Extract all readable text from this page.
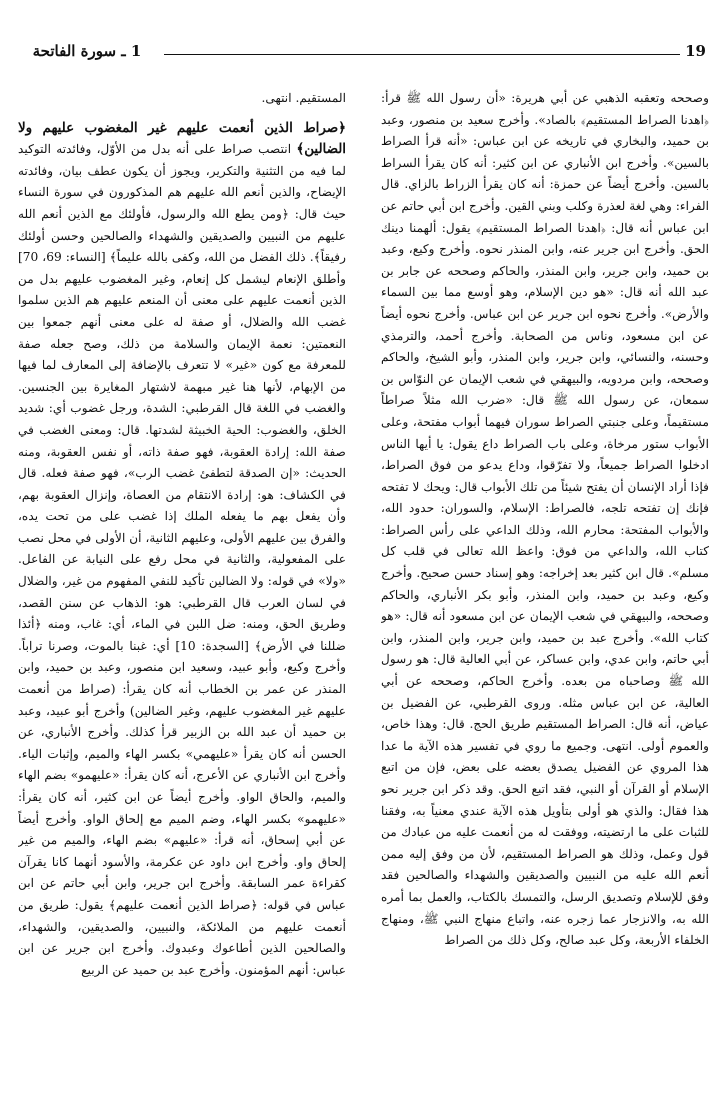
19
1 ـ سورة الفاتحة

وصححه وتعقبه الذهبي عن أبي هريرة: «أن رسول الله ﷺ قرأ: ﴿اهدنا الصراط المستقيم﴾ بالصاد». وأخرج سعيد بن منصور، وعبد بن حميد، والبخاري في تاريخه عن ابن عباس: «أنه قرأ الصراط بالسين». وأخرج ابن الأنباري عن ابن كثير: أنه كان يقرأ السراط بالسين. وأخرج أيضاً عن حمزة: أنه كان يقرأ الزراط بالزاي. قال الفراء: وهي لغة لعذرة وكلب وبني القين. وأخرج ابن أبي حاتم عن ابن عباس أنه قال: ﴿اهدنا الصراط المستقيم﴾ يقول: ألهمنا دينك الحق. وأخرج ابن جرير عنه، وابن المنذر نحوه. وأخرج وكيع، وعبد بن حميد، وابن جرير، وابن المنذر، والحاكم وصححه عن جابر بن عبد الله أنه قال: «هو دين الإسلام، وهو أوسع مما بين السماء والأرض». وأخرج نحوه ابن جرير عن ابن عباس. وأخرج نحوه أيضاً عن ابن مسعود، وناس من الصحابة. وأخرج أحمد، والترمذي وحسنه، والنسائي، وابن جرير، وابن المنذر، وأبو الشيخ، والحاكم وصححه، وابن مردويه، والبيهقي في شعب الإيمان عن النوّاس بن سمعان، عن رسول الله ﷺ قال: «ضرب الله مثلاً صراطاً مستقيماً، وعلى جنبتي الصراط سوران فيهما أبواب مفتحة، وعلى الأبواب ستور مرخاة، وعلى باب الصراط داع يقول: يا أيها الناس ادخلوا الصراط جميعاً، ولا تفرّقوا، وداع يدعو من فوق الصراط، فإذا أراد الإنسان أن يفتح شيئاً من تلك الأبواب قال: ويحك لا تفتحه فإنك إن تفتحه تلجه، فالصراط: الإسلام، والسوران: حدود الله، والأبواب المفتحة: محارم الله، وذلك الداعي على رأس الصراط: كتاب الله، والداعي من فوق: واعظ الله تعالى في قلب كل مسلم». قال ابن كثير بعد إخراجه: وهو إسناد حسن صحيح. وأخرج وكيع، وعبد بن حميد، وابن المنذر، وأبو بكر الأنباري، والحاكم وصححه، والبيهقي في شعب الإيمان عن ابن مسعود أنه قال: «هو كتاب الله». وأخرج عبد بن حميد، وابن جرير، وابن المنذر، وابن أبي حاتم، وابن عدي، وابن عساكر، عن أبي العالية قال: هو رسول الله ﷺ وصاحباه من بعده. وأخرج الحاكم، وصححه عن أبي العالية، عن ابن عباس مثله. وروى القرطبي، عن الفضيل بن عياض، أنه قال: الصراط المستقيم طريق الحج. قال: وهذا خاص، والعموم أولى. انتهى. وجميع ما روي في تفسير هذه الآية ما عدا هذا المروي عن الفضيل يصدق بعضه على بعض، فإن من اتبع الإسلام أو القرآن أو النبي، فقد اتبع الحق. وقد ذكر ابن جرير نحو هذا فقال: والذي هو أولى بتأويل هذه الآية عندي معنياً به، وفقنا للثبات على ما ارتضيته، ووفقت له من أنعمت عليه من عبادك من قول وعمل، وذلك هو الصراط المستقيم، لأن من وفق إليه ممن أنعم الله عليه من النبيين والصديقين والشهداء والصالحين فقد وفق للإسلام وتصديق الرسل، والتمسك بالكتاب، والعمل بما أمره الله به، والانزجار عما زجره عنه، واتباع منهاج النبي ﷺ، ومنهاج الخلفاء الأربعة، وكل عبد صالح، وكل ذلك من الصراط

المستقيم. انتهى.

﴿صراط الذين أنعمت عليهم غير المغضوب عليهم ولا الضالين﴾ انتصب صراط على أنه بدل من الأوّل، وفائدته التوكيد لما فيه من التثنية والتكرير، ويجوز أن يكون عطف بيان، وفائدته الإيضاح، والذين أنعم الله عليهم هم المذكورون في سورة النساء حيث قال: ﴿ومن يطع الله والرسول، فأولئك مع الذين أنعم الله عليهم من النبيين والصديقين والشهداء والصالحين وحسن أولئك رفيقاً﴾. ذلك الفضل من الله، وكفى بالله عليماً﴾ [النساء: 69، 70] وأطلق الإنعام ليشمل كل إنعام، وغير المغضوب عليهم بدل من الذين أنعمت عليهم على معنى أن المنعم عليهم هم الذين سلموا غضب الله والضلال، أو صفة له على معنى أنهم جمعوا بين النعمتين: نعمة الإيمان والسلامة من ذلك، وصح جعله صفة للمعرفة مع كون «غير» لا تتعرف بالإضافة إلى المعارف لما فيها من الإبهام، لأنها هنا غير مبهمة لاشتهار المغايرة بين الجنسين. والغضب في اللغة قال القرطبي: الشدة، ورجل غضوب أي: شديد الخلق، والغضوب: الحية الخبيثة لشدتها. قال: ومعنى الغضب في صفة الله: إرادة العقوبة، فهو صفة ذاته، أو نفس العقوبة، ومنه الحديث: «إن الصدقة لتطفئ غضب الرب»، فهو صفة فعله. قال في الكشاف: هو: إرادة الانتقام من العصاة، وإنزال العقوبة بهم، وأن يفعل بهم ما يفعله الملك إذا غضب على من تحت يده، والفرق بين عليهم الأولى، وعليهم الثانية، أن الأولى في محل نصب على المفعولية، والثانية في محل رفع على النيابة عن الفاعل. «ولا» في قوله: ولا الضالين تأكيد للنفي المفهوم من غير، والضلال في لسان العرب قال القرطبي: هو: الذهاب عن سنن القصد، وطريق الحق، ومنه: ضل اللبن في الماء، أي: غاب، ومنه ﴿أئذا ضللنا في الأرض﴾ [السجدة: 10] أي: غبنا بالموت، وصرنا تراباً. وأخرج وكيع، وأبو عبيد، وسعيد ابن منصور، وعبد بن حميد، وابن المنذر عن عمر بن الخطاب أنه كان يقرأ: (صراط من أنعمت عليهم غير المغضوب عليهم، وغير الضالين) وأخرج أبو عبيد، وعبد بن حميد أن عبد الله بن الزبير قرأ كذلك. وأخرج الأنباري، عن الحسن أنه كان يقرأ «عليهمي» بكسر الهاء والميم، وإثبات الياء. وأخرج ابن الأنباري عن الأعرج، أنه كان يقرأ: «عليهمو» بضم الهاء والميم، والحاق الواو. وأخرج أيضاً عن ابن كثير، أنه كان يقرأ: «عليهمو» بكسر الهاء، وضم الميم مع إلحاق الواو. وأخرج أيضاً عن أبي إسحاق، أنه قرأ: «عليهم» بضم الهاء، والميم من غير إلحاق واو. وأخرج ابن داود عن عكرمة، والأسود أنهما كانا يقرآن كقراءة عمر السابقة. وأخرج ابن جرير، وابن أبي حاتم عن ابن عباس في قوله: ﴿صراط الذين أنعمت عليهم﴾ يقول: طريق من أنعمت عليهم من الملائكة، والنبيين، والصديقين، والشهداء، والصالحين الذين أطاعوك وعبدوك. وأخرج ابن جرير عن ابن عباس: أنهم المؤمنون. وأخرج عبد بن حميد عن الربيع
